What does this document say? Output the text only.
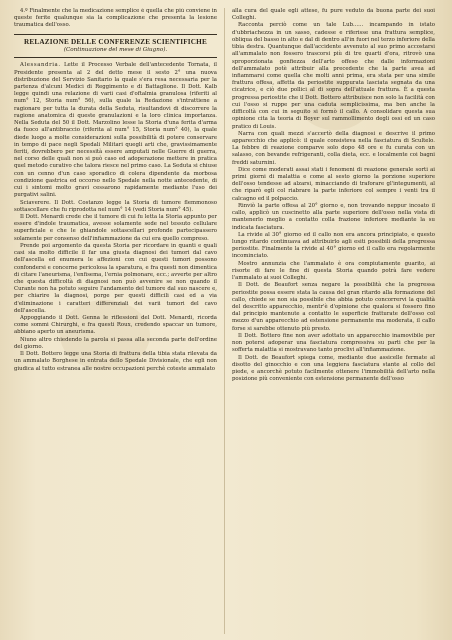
4.º Finalmente che la medicazione semplice è quella che più conviene in queste ferite qualunque sia la complicazione che presenta la lesione traumatica dell'osso.

RELAZIONE DELLE CONFERENZE SCIENTIFICHE

(Continuazione del mese di Giugno).

Alessandria. Lette il Processo Verbale dell'antecedente Tornata, il Presidente presenta al 2 del detto mese il sesto 2° una nuova distribuzione del Servizio Sanitario la quale s'era resa necessaria per la partenza d'alcuni Medici di Reggimento e di Battaglione. Il Dott. Kalb legge quindi una relazione di varii casi d'oftalmia granulosa (riferiti al num° 12, Storia num° 56), sulla quale la Redazione s'intrattiene a ragionare per tutta la durata della Seduta, risultandovi di discorrere la ragione anatomica di queste granulazioni e la loro clinica importanza. Nella Seduta del 50 il Dott. Marzolino lesse la Storia d'una ferita d'arma da fuoco all'antibraccio (riferita al num° 15, Storia num° 40), la quale diede luogo a molte considerazioni sulla possibilità di potere conservare in tempo di pace negli Spedali Militari quegli arti che, gravissimamente feriti, dovrebbero per necessità essere amputati nelle Guerre di guerra, nel corso delle quali non si può caso ed adoperazione mettere in pratica quel metodo curativo che talora riesce nel primo caso. La Seduta si chiuse con un cenno d'un caso sporadico di colera dipendente da morbosa condizione gastrica ed occorso nello Spedale nella notte antecedente, di cui i sintomi molto gravi cessarono rapidamente mediante l'uso dei purgativi salini.

Sciaverere. Il Dott. Costanzo legge la Storia di tumore flemmonoso sottascellare che fu riprodotta nel num° 14 (vedi Storia num° 45).

Il Dott. Menardi crede che il tumore di cui fu letta la Storia appunto per essere d'indole traumatica, avesse solamente sede nel tessuto cellulare superficiale e che le ghiandole sottascellari profonde partecipassero solamente per consenso dell'infiammazione da cui era quello compreso.

Prende poi argomento da questa Storia per ricordare in quanti e quali casi sia molto difficile il far una giusta diagnosi dei tumori dal cavo dell'ascella ed enumera le affezioni con cui questi tumori possono confondersi e concerne pericolosa la sparatura, e fra questi non dimentica di citare l'aneurisma, l'enfisema, l'ernia polmonare, ecc.; avverte per altro che questa difficoltà di diagnosi non può avvenire se non quando il Curante non ha potuto seguire l'andamento del tumore dal suo nascere e, per chiarire la diagnosi, porge per questi difficili casi ed a via d'eliminazione i caratteri differenziali dei varii tumori del cavo dell'ascella.

Appoggiando il Dott. Genna le riflessioni del Dott. Menardi, ricorda come sommi Chirurghi, e fra questi Roux, credendo spaccar un tumore, abbiano aperto un aneurisma.

Niuno altro chiedendo la parola si passa alla seconda parte dell'ordine del giorno.

Il Dott. Bottero legge una Storia di frattura della tibia stata rilevata da un ammalato Borghese in entrata dello Spedale Divisionale, che egli non giudica al tutto estranea alle nostre occupazioni perchè coteste ammalato

alla cura del quale egli attese, fu pure veduto da buona parte dei suoi Colleghi.

Racconta perciò come un tale Lub...... incampando in istato d'ubbriachezza in un sasso, cadesse e riferisse una frattura semplice, obliqua del basso in alto e dal di dentro all'in fuori nel terzo inferiore della tibia destra. Quantunque dall'accidente avvenuto al suo primo accostarsi all'ammalato non fossero trascorsi più di tre quarti d'ora, ritrovò una sproporzionata gonfiezza dell'arto offeso che dalle informazioni dell'ammalato potè attribuir alla precedente che la parte avea ad infiammarsi come quella che molti anni prima, era stata per una simile frattura offesa, affetta da periostite suppurata lasciata segnata da una cicatrice, e ciò due pollici al di sopra dell'attuale frattura. È a questa progressa periostite che il Dott. Bottero attribuisce non solo la facilità con cui l'osso si ruppe per una caduta semplicissima, ma ben anche la difficoltà con cui in seguito si formò il callo. A consolidare questa sua opinione cita la teoria di Boyer sul rammollimento degli ossi ed un caso pratico di Louis.

Narra con quali mezzi s'accertò della diagnosi e descrive il primo apparecchio che applicò: il quale consisteva nella fasciatura di Scultelo. La febbre di reazione comparve solo dopo 48 ore e fu curata con un salasso, con bevande refrigeranti, colla dieta, ecc. e localmente coi bagni freddi saturnini.

Dice come moderati assai stati i fenomeni di reazione generale sorti ai primi giorni di malattia e come al sesto giorno la porzione superiore dell'osso tendesse ad alzarsi, minacciando di traforare gl'integumenti, al che riparò egli col riabrare la parte inferiore col sempre i venti tra il calcagno ed il polpaccio.

Rinviò la parte offesa al 20° giorno e, non trovando neppur incoato il callo, applicò un cuscinetto alla parte superiore dell'osso nella vista di mantenerlo meglio a contatto colla frazione inferiore mediante la su indicata fasciatura.

La rivide al 30° giorno ed il callo non era ancora principiato, e questo lungo ritardo continuava ad attribuirlo agli esiti possibili della pregressa periostite. Finalmente la rivide al 40° giorno ed il callo era regolarmente incominciato.

Mostro annunzia che l'ammalato è ora compiutamente guarito, ai risorte di fare le fine di questa Storia quando potrà fare vedere l'ammalato ai suoi Colleghi.

Il Dott. de Beaufort senza negare la possibilità che la pregressa periostite possa essere stata la causa del gran ritardo alla formazione del callo, chiede se non sia possibile che abbia potuto concorrervi la qualità del descritto apparecchio, mentr'è d'opinione che qualora si fossero fino dal principio mantenute a contatto le superficie fratturate dell'osso col mezzo d'un apparecchio ad estensione permanente ma moderata, il callo forse si sarebbe ottenuto più presto.

Il Dott. Bottero fine non aver adottato un apparecchio inamovibile per non potersi adoperar una fasciatura compressiva su parti che per la sofferta malattia si mostravano tanto proclivi all'infiammazione.

Il Dott. de Beaufort spiega come, mediante due assicelle fermate al disotto del ginocchio e con una leggiera fasciatura stante al collo del piede, e ancorchè potuto facilmente ottenere l'immobilità dell'arto nella posizione più conveniente con estensione permanente dell'osso
